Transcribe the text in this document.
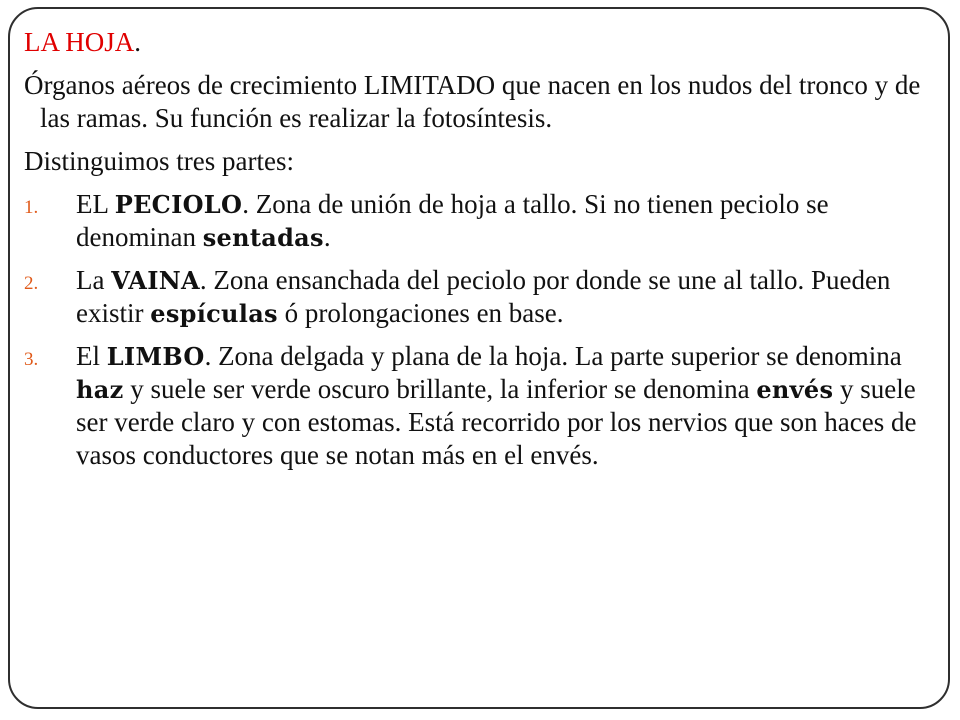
LA HOJA.
Órganos aéreos de crecimiento LIMITADO que nacen en los nudos del tronco y de las ramas. Su función es realizar la fotosíntesis.
Distinguimos tres partes:
1. EL PECIOLO. Zona de unión de hoja a tallo. Si no tienen peciolo se denominan sentadas.
2. La VAINA. Zona ensanchada del peciolo por donde se une al tallo. Pueden existir espículas ó prolongaciones en base.
3. El LIMBO. Zona delgada y plana de la hoja. La parte superior se denomina haz y suele ser verde oscuro brillante, la inferior se denomina envés y suele ser verde claro y con estomas. Está recorrido por los nervios que son haces de vasos conductores que se notan más en el envés.
